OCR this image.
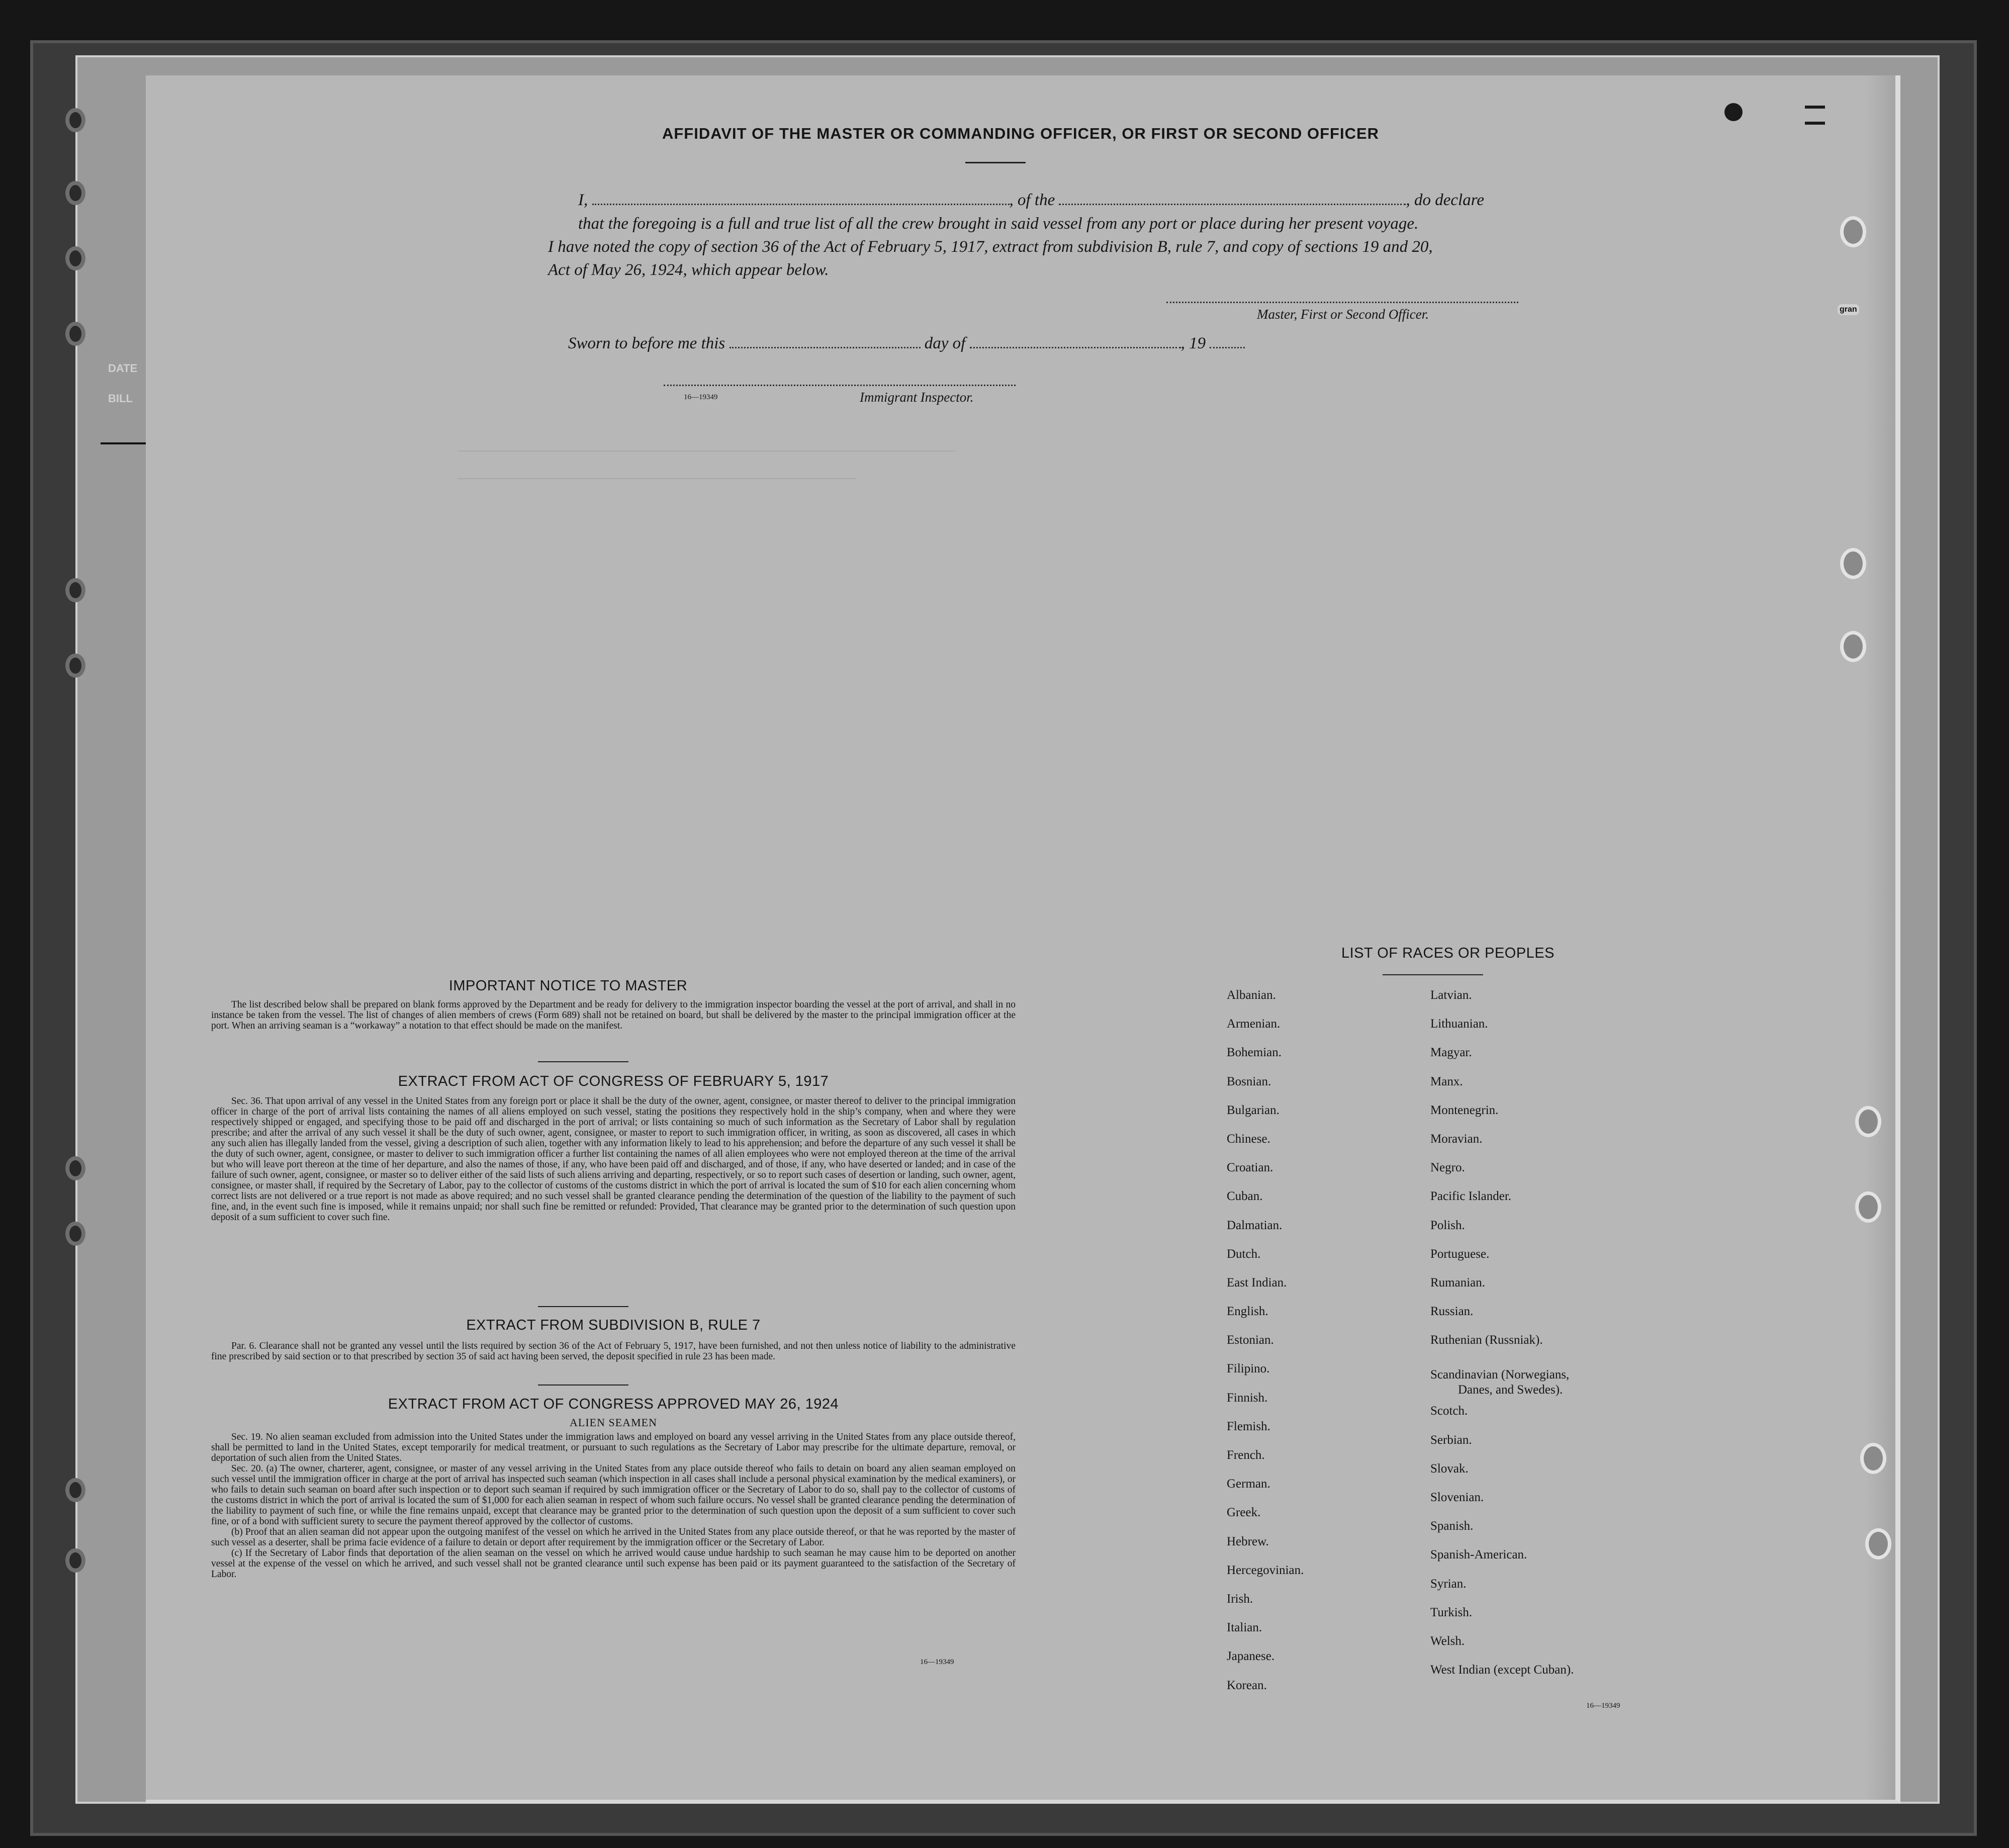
DATE
BILL
———————————————————————————————————————————————————————————————————————————
————————————————————————————————————————————————————————————
AFFIDAVIT OF THE MASTER OR COMMANDING OFFICER, OR FIRST OR SECOND OFFICER
I,	, of the	, do declare
that the foregoing is a full and true list of all the crew brought in said vessel from any port or place during her present voyage.
I have noted the copy of section 36 of the Act of February 5, 1917, extract from subdivision B, rule 7, and copy of sections 19 and 20,
Act of May 26, 1924, which appear below.
Master, First or Second Officer.
Sworn to before me this	day of	, 19
16—19349	Immigrant Inspector.
IMPORTANT NOTICE TO MASTER

The list described below shall be prepared on blank forms approved by the Department and be ready for delivery to the immigration inspector boarding the vessel at the port of arrival, and shall in no instance be taken from the vessel. The list of changes of alien members of crews (Form 689) shall not be retained on board, but shall be delivered by the master to the principal immigration officer at the port. When an arriving seaman is a “workaway” a notation to that effect should be made on the manifest.

EXTRACT FROM ACT OF CONGRESS OF FEBRUARY 5, 1917

Sec. 36. That upon arrival of any vessel in the United States from any foreign port or place it shall be the duty of the owner, agent, consignee, or master thereof to deliver to the principal immigration officer in charge of the port of arrival lists containing the names of all aliens employed on such vessel, stating the positions they respectively hold in the ship’s company, when and where they were respectively shipped or engaged, and specifying those to be paid off and discharged in the port of arrival; or lists containing so much of such information as the Secretary of Labor shall by regulation prescribe; and after the arrival of any such vessel it shall be the duty of such owner, agent, consignee, or master to report to such immigration officer, in writing, as soon as discovered, all cases in which any such alien has illegally landed from the vessel, giving a description of such alien, together with any information likely to lead to his apprehension; and before the departure of any such vessel it shall be the duty of such owner, agent, consignee, or master to deliver to such immigration officer a further list containing the names of all alien employees who were not employed thereon at the time of the arrival but who will leave port thereon at the time of her departure, and also the names of those, if any, who have been paid off and discharged, and of those, if any, who have deserted or landed; and in case of the failure of such owner, agent, consignee, or master so to deliver either of the said lists of such aliens arriving and departing, respectively, or so to report such cases of desertion or landing, such owner, agent, consignee, or master shall, if required by the Secretary of Labor, pay to the collector of customs of the customs district in which the port of arrival is located the sum of $10 for each alien concerning whom correct lists are not delivered or a true report is not made as above required; and no such vessel shall be granted clearance pending the determination of the question of the liability to the payment of such fine, and, in the event such fine is imposed, while it remains unpaid; nor shall such fine be remitted or refunded: Provided, That clearance may be granted prior to the determination of such question upon deposit of a sum sufficient to cover such fine.

EXTRACT FROM SUBDIVISION B, RULE 7

Par. 6. Clearance shall not be granted any vessel until the lists required by section 36 of the Act of February 5, 1917, have been furnished, and not then unless notice of liability to the administrative fine prescribed by said section or to that prescribed by section 35 of said act having been served, the deposit specified in rule 23 has been made.

EXTRACT FROM ACT OF CONGRESS APPROVED MAY 26, 1924
ALIEN SEAMEN

Sec. 19. No alien seaman excluded from admission into the United States under the immigration laws and employed on board any vessel arriving in the United States from any place outside thereof, shall be permitted to land in the United States, except temporarily for medical treatment, or pursuant to such regulations as the Secretary of Labor may prescribe for the ultimate departure, removal, or deportation of such alien from the United States.

Sec. 20. (a) The owner, charterer, agent, consignee, or master of any vessel arriving in the United States from any place outside thereof who fails to detain on board any alien seaman employed on such vessel until the immigration officer in charge at the port of arrival has inspected such seaman (which inspection in all cases shall include a personal physical examination by the medical examiners), or who fails to detain such seaman on board after such inspection or to deport such seaman if required by such immigration officer or the Secretary of Labor to do so, shall pay to the collector of customs of the customs district in which the port of arrival is located the sum of $1,000 for each alien seaman in respect of whom such failure occurs. No vessel shall be granted clearance pending the determination of the liability to payment of such fine, or while the fine remains unpaid, except that clearance may be granted prior to the determination of such question upon the deposit of a sum sufficient to cover such fine, or of a bond with sufficient surety to secure the payment thereof approved by the collector of customs.

(b) Proof that an alien seaman did not appear upon the outgoing manifest of the vessel on which he arrived in the United States from any place outside thereof, or that he was reported by the master of such vessel as a deserter, shall be prima facie evidence of a failure to detain or deport after requirement by the immigration officer or the Secretary of Labor.

(c) If the Secretary of Labor finds that deportation of the alien seaman on the vessel on which he arrived would cause undue hardship to such seaman he may cause him to be deported on another vessel at the expense of the vessel on which he arrived, and such vessel shall not be granted clearance until such expense has been paid or its payment guaranteed to the satisfaction of the Secretary of Labor.

16—19349
LIST OF RACES OR PEOPLES
Albanian.
Armenian.
Bohemian.
Bosnian.
Bulgarian.
Chinese.
Croatian.
Cuban.
Dalmatian.
Dutch.
East Indian.
English.
Estonian.
Filipino.
Finnish.
Flemish.
French.
German.
Greek.
Hebrew.
Hercegovinian.
Irish.
Italian.
Japanese.
Korean.
Latvian.
Lithuanian.
Magyar.
Manx.
Montenegrin.
Moravian.
Negro.
Pacific Islander.
Polish.
Portuguese.
Rumanian.
Russian.
Ruthenian (Russniak).
Scandinavian (Norwegians,
Danes, and Swedes).
Scotch.
Serbian.
Slovak.
Slovenian.
Spanish.
Spanish-American.
Syrian.
Turkish.
Welsh.
West Indian (except Cuban).
16—19349
gran
